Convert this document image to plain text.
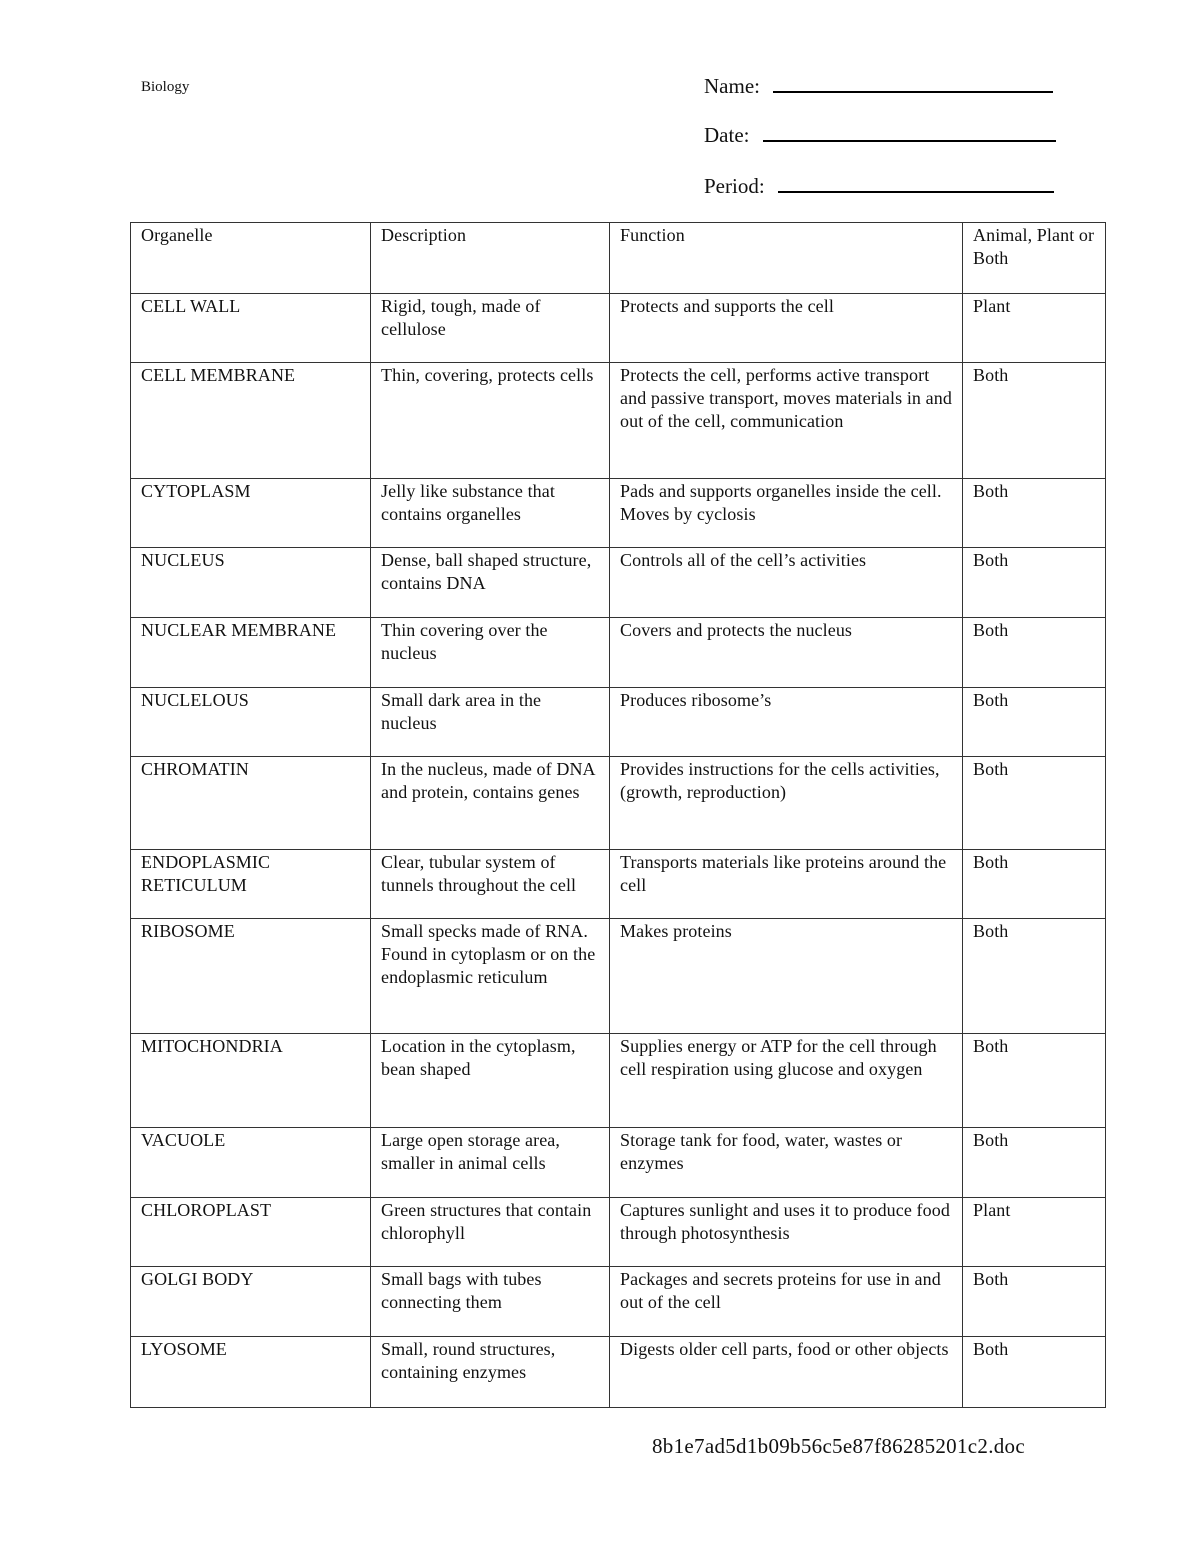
Biology	Name:
Date:
Period:
Organelle	Description	Function	Animal, Plant or Both
CELL WALL	Rigid, tough, made of cellulose	Protects and supports the cell	Plant
CELL MEMBRANE	Thin, covering, protects cells	Protects the cell, performs active transport and passive transport, moves materials in and out of the cell, communication	Both
CYTOPLASM	Jelly like substance that contains organelles	Pads and supports organelles inside the cell. Moves by cyclosis	Both
NUCLEUS	Dense, ball shaped structure, contains DNA	Controls all of the cell’s activities	Both
NUCLEAR MEMBRANE	Thin covering over the nucleus	Covers and protects the nucleus	Both
NUCLELOUS	Small dark area in the nucleus	Produces ribosome’s	Both
CHROMATIN	In the nucleus, made of DNA and protein, contains genes	Provides instructions for the cells activities, (growth, reproduction)	Both
ENDOPLASMIC RETICULUM	Clear, tubular system of tunnels throughout the cell	Transports materials like proteins around the cell	Both
RIBOSOME	Small specks made of RNA. Found in cytoplasm or on the endoplasmic reticulum	Makes proteins	Both
MITOCHONDRIA	Location in the cytoplasm, bean shaped	Supplies energy or ATP for the cell through cell respiration using glucose and oxygen	Both
VACUOLE	Large open storage area, smaller in animal cells	Storage tank for food, water, wastes or enzymes	Both
CHLOROPLAST	Green structures that contain chlorophyll	Captures sunlight and uses it to produce food through photosynthesis	Plant
GOLGI BODY	Small bags with tubes connecting them	Packages and secrets proteins for use in and out of the cell	Both
LYOSOME	Small, round structures, containing enzymes	Digests older cell parts, food or other objects	Both
8b1e7ad5d1b09b56c5e87f86285201c2.doc
